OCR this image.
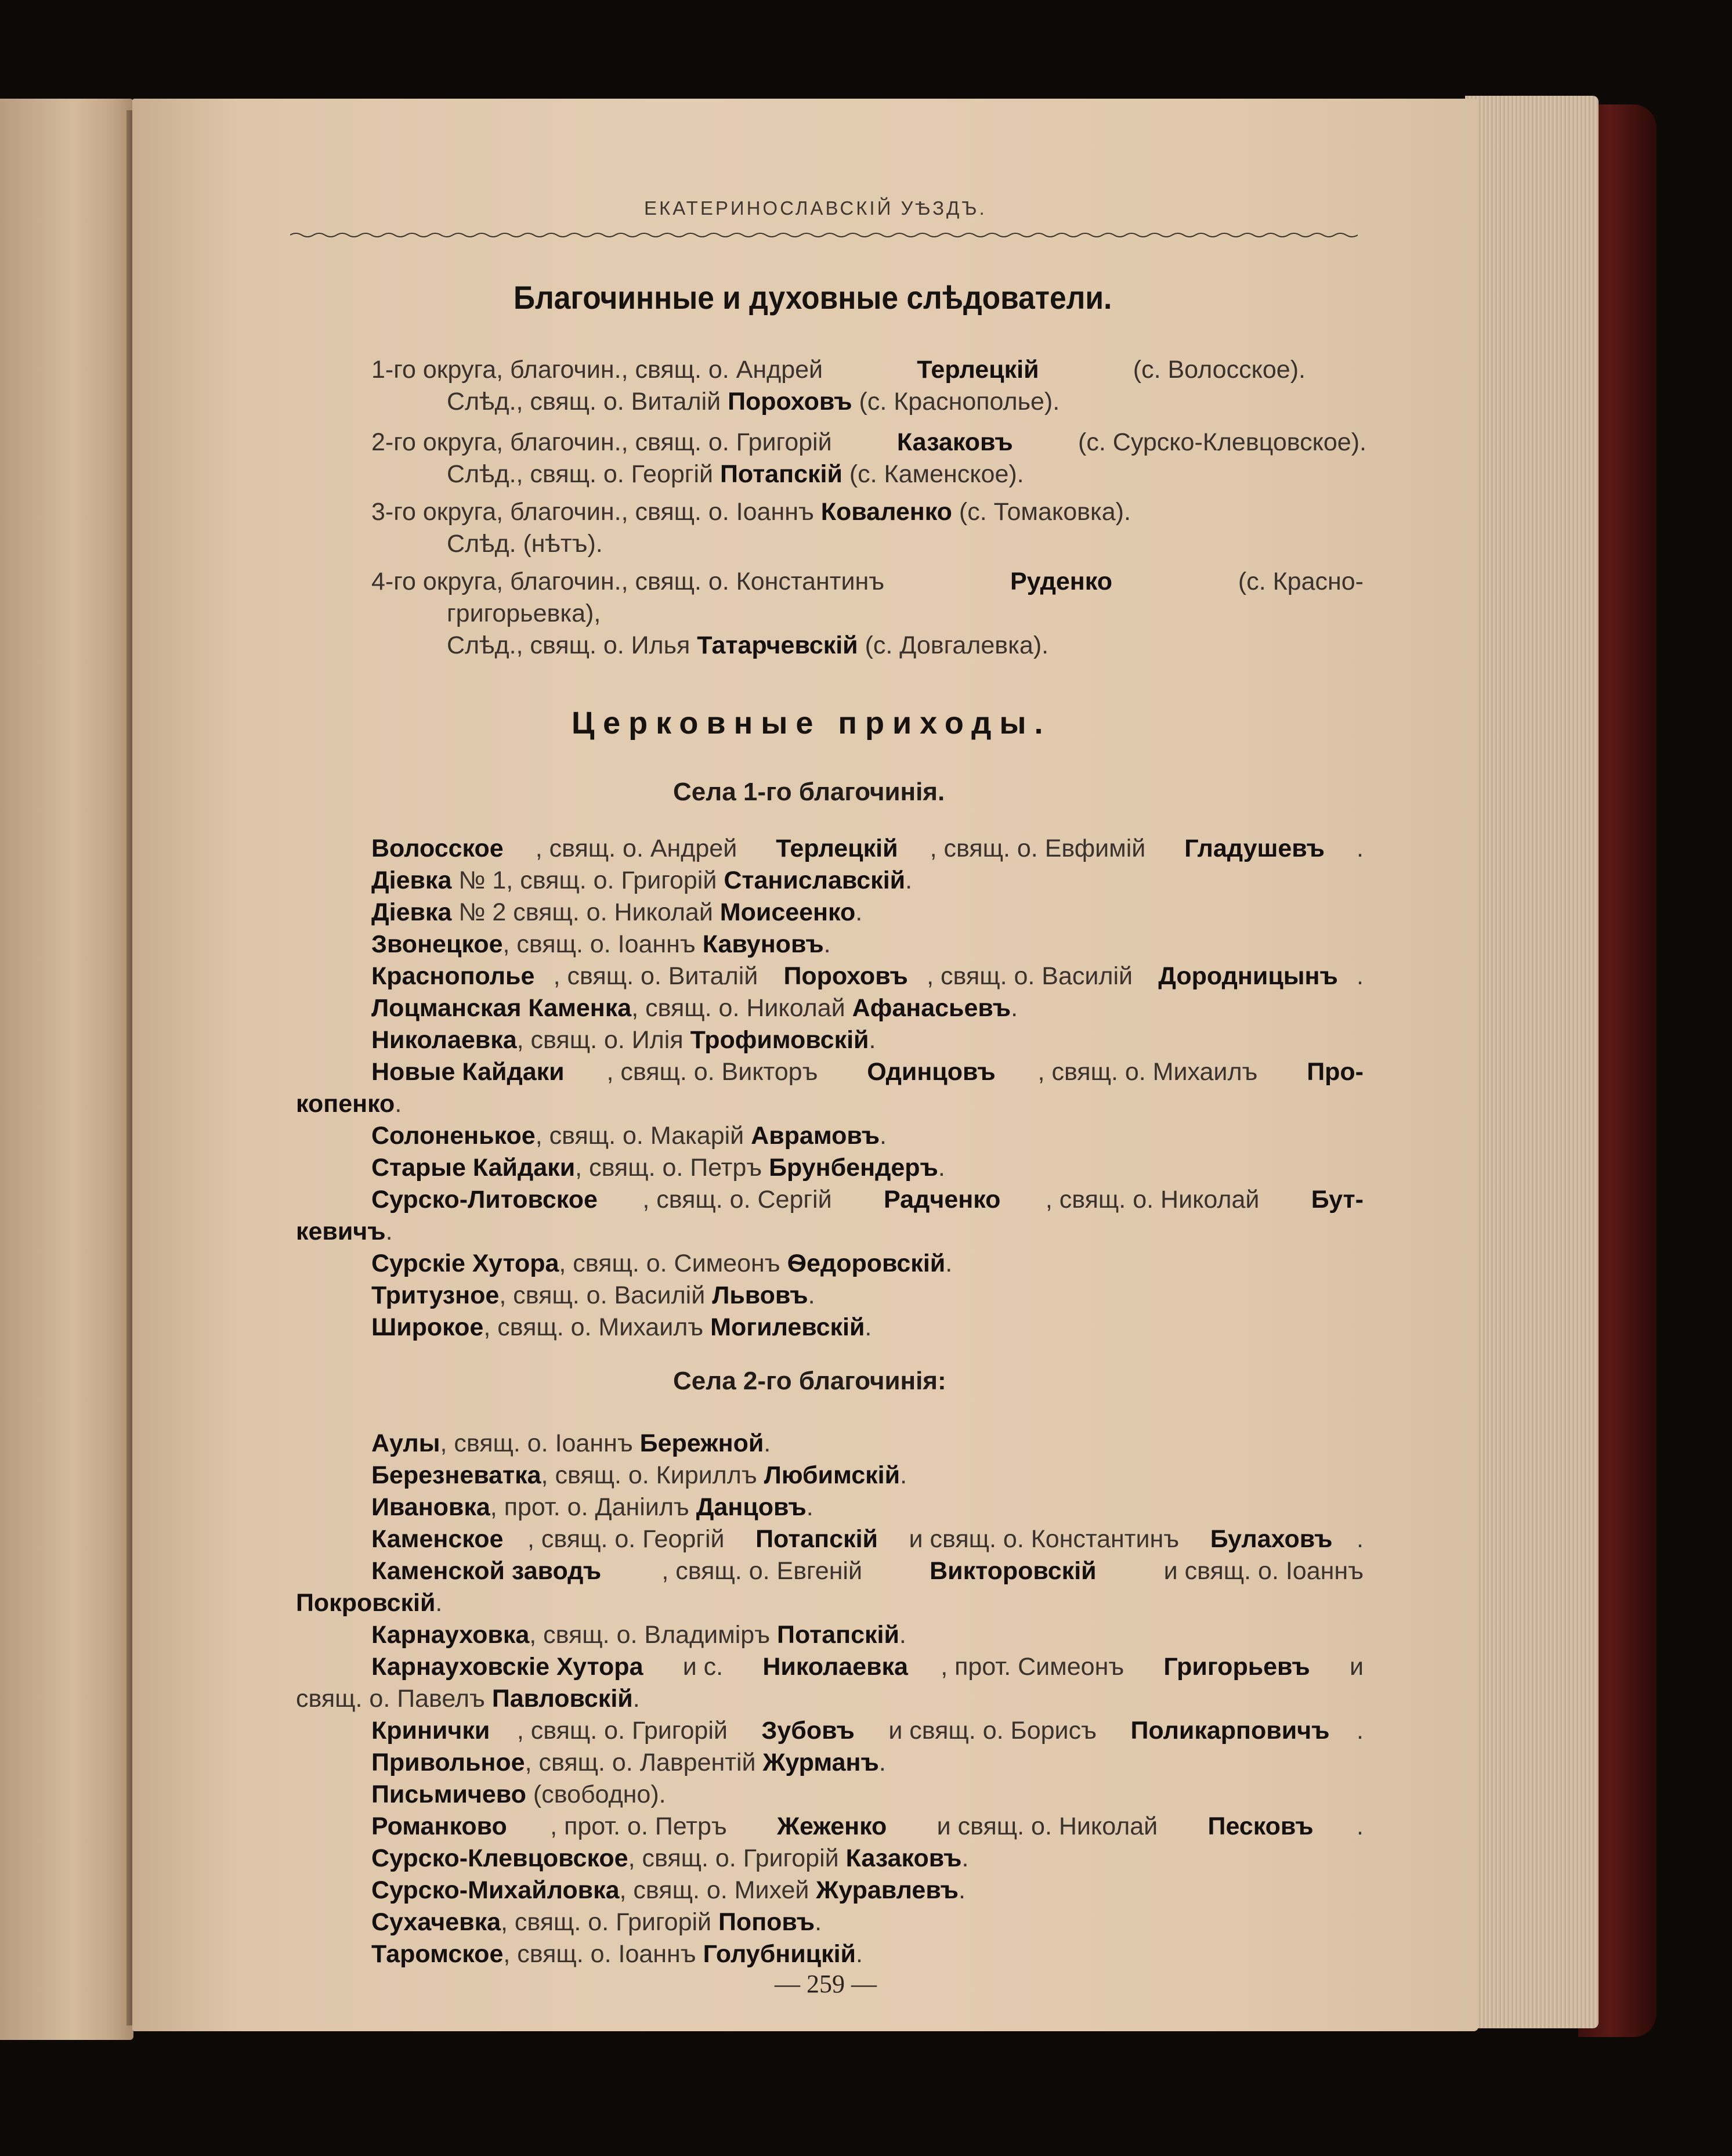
ЕКАТЕРИНОСЛАВСКІЙ УѢЗДЪ.
Благочинные и духовные слѣдователи.
1-го округа, благочин., свящ. о. Андрей	Терлецкій	(с. Волосское).
Слѣд., свящ. о. Виталій Пороховъ (с. Краснополье).
2-го округа, благочин., свящ. о. Григорій Казаковъ (с. Сурско-Клевцовское).
Слѣд., свящ. о. Георгій Потапскій (с. Каменское).
3-го округа, благочин., свящ. о. Іоаннъ Коваленко (с. Томаковка).
Слѣд. (нѣтъ).
4-го округа, благочин., свящ. о. Константинъ	Руденко	(с. Красно-
григорьевка),
Слѣд., свящ. о. Илья Татарчевскій (с. Довгалевка).
Церковные приходы.
Села 1-го благочинія.
Волосское , свящ. о. Андрей Терлецкій , свящ. о. Евфимій Гладушевъ .
Діевка № 1, свящ. о. Григорій Станиславскій.
Діевка № 2 свящ. о. Николай Моисеенко.
Звонецкое, свящ. о. Іоаннъ Кавуновъ.
Краснополье , свящ. о. Виталій Пороховъ , свящ. о. Василій Дородницынъ .
Лоцманская Каменка, свящ. о. Николай Афанасьевъ.
Николаевка, свящ. о. Илія Трофимовскій.
Новые Кайдаки , свящ. о. Викторъ Одинцовъ , свящ. о. Михаилъ Про-
копенко.
Солоненькое, свящ. о. Макарій Аврамовъ.
Старые Кайдаки, свящ. о. Петръ Брунбендеръ.
Сурско-Литовское , свящ. о. Сергій Радченко , свящ. о. Николай Бут-
кевичъ.
Сурскіе Хутора, свящ. о. Симеонъ Ѳедоровскій.
Тритузное, свящ. о. Василій Львовъ.
Широкое, свящ. о. Михаилъ Могилевскій.
Села 2-го благочинія:
Аулы, свящ. о. Іоаннъ Бережной.
Березневатка, свящ. о. Кириллъ Любимскій.
Ивановка, прот. о. Даніилъ Данцовъ.
Каменское , свящ. о. Георгій Потапскій и свящ. о. Константинъ Булаховъ .
Каменской заводъ , свящ. о. Евгеній Викторовскій и свящ. о. Іоаннъ
Покровскій.
Карнауховка, свящ. о. Владиміръ Потапскій.
Карнауховскіе Хутора и с. Николаевка , прот. Симеонъ Григорьевъ и
свящ. о. Павелъ Павловскій.
Кринички , свящ. о. Григорій Зубовъ и свящ. о. Борисъ Поликарповичъ .
Привольное, свящ. о. Лаврентій Журманъ.
Письмичево (свободно).
Романково , прот. о. Петръ Жеженко и свящ. о. Николай Песковъ .
Сурско-Клевцовское, свящ. о. Григорій Казаковъ.
Сурско-Михайловка, свящ. о. Михей Журавлевъ.
Сухачевка, свящ. о. Григорій Поповъ.
Таромское, свящ. о. Іоаннъ Голубницкій.
— 259 —
